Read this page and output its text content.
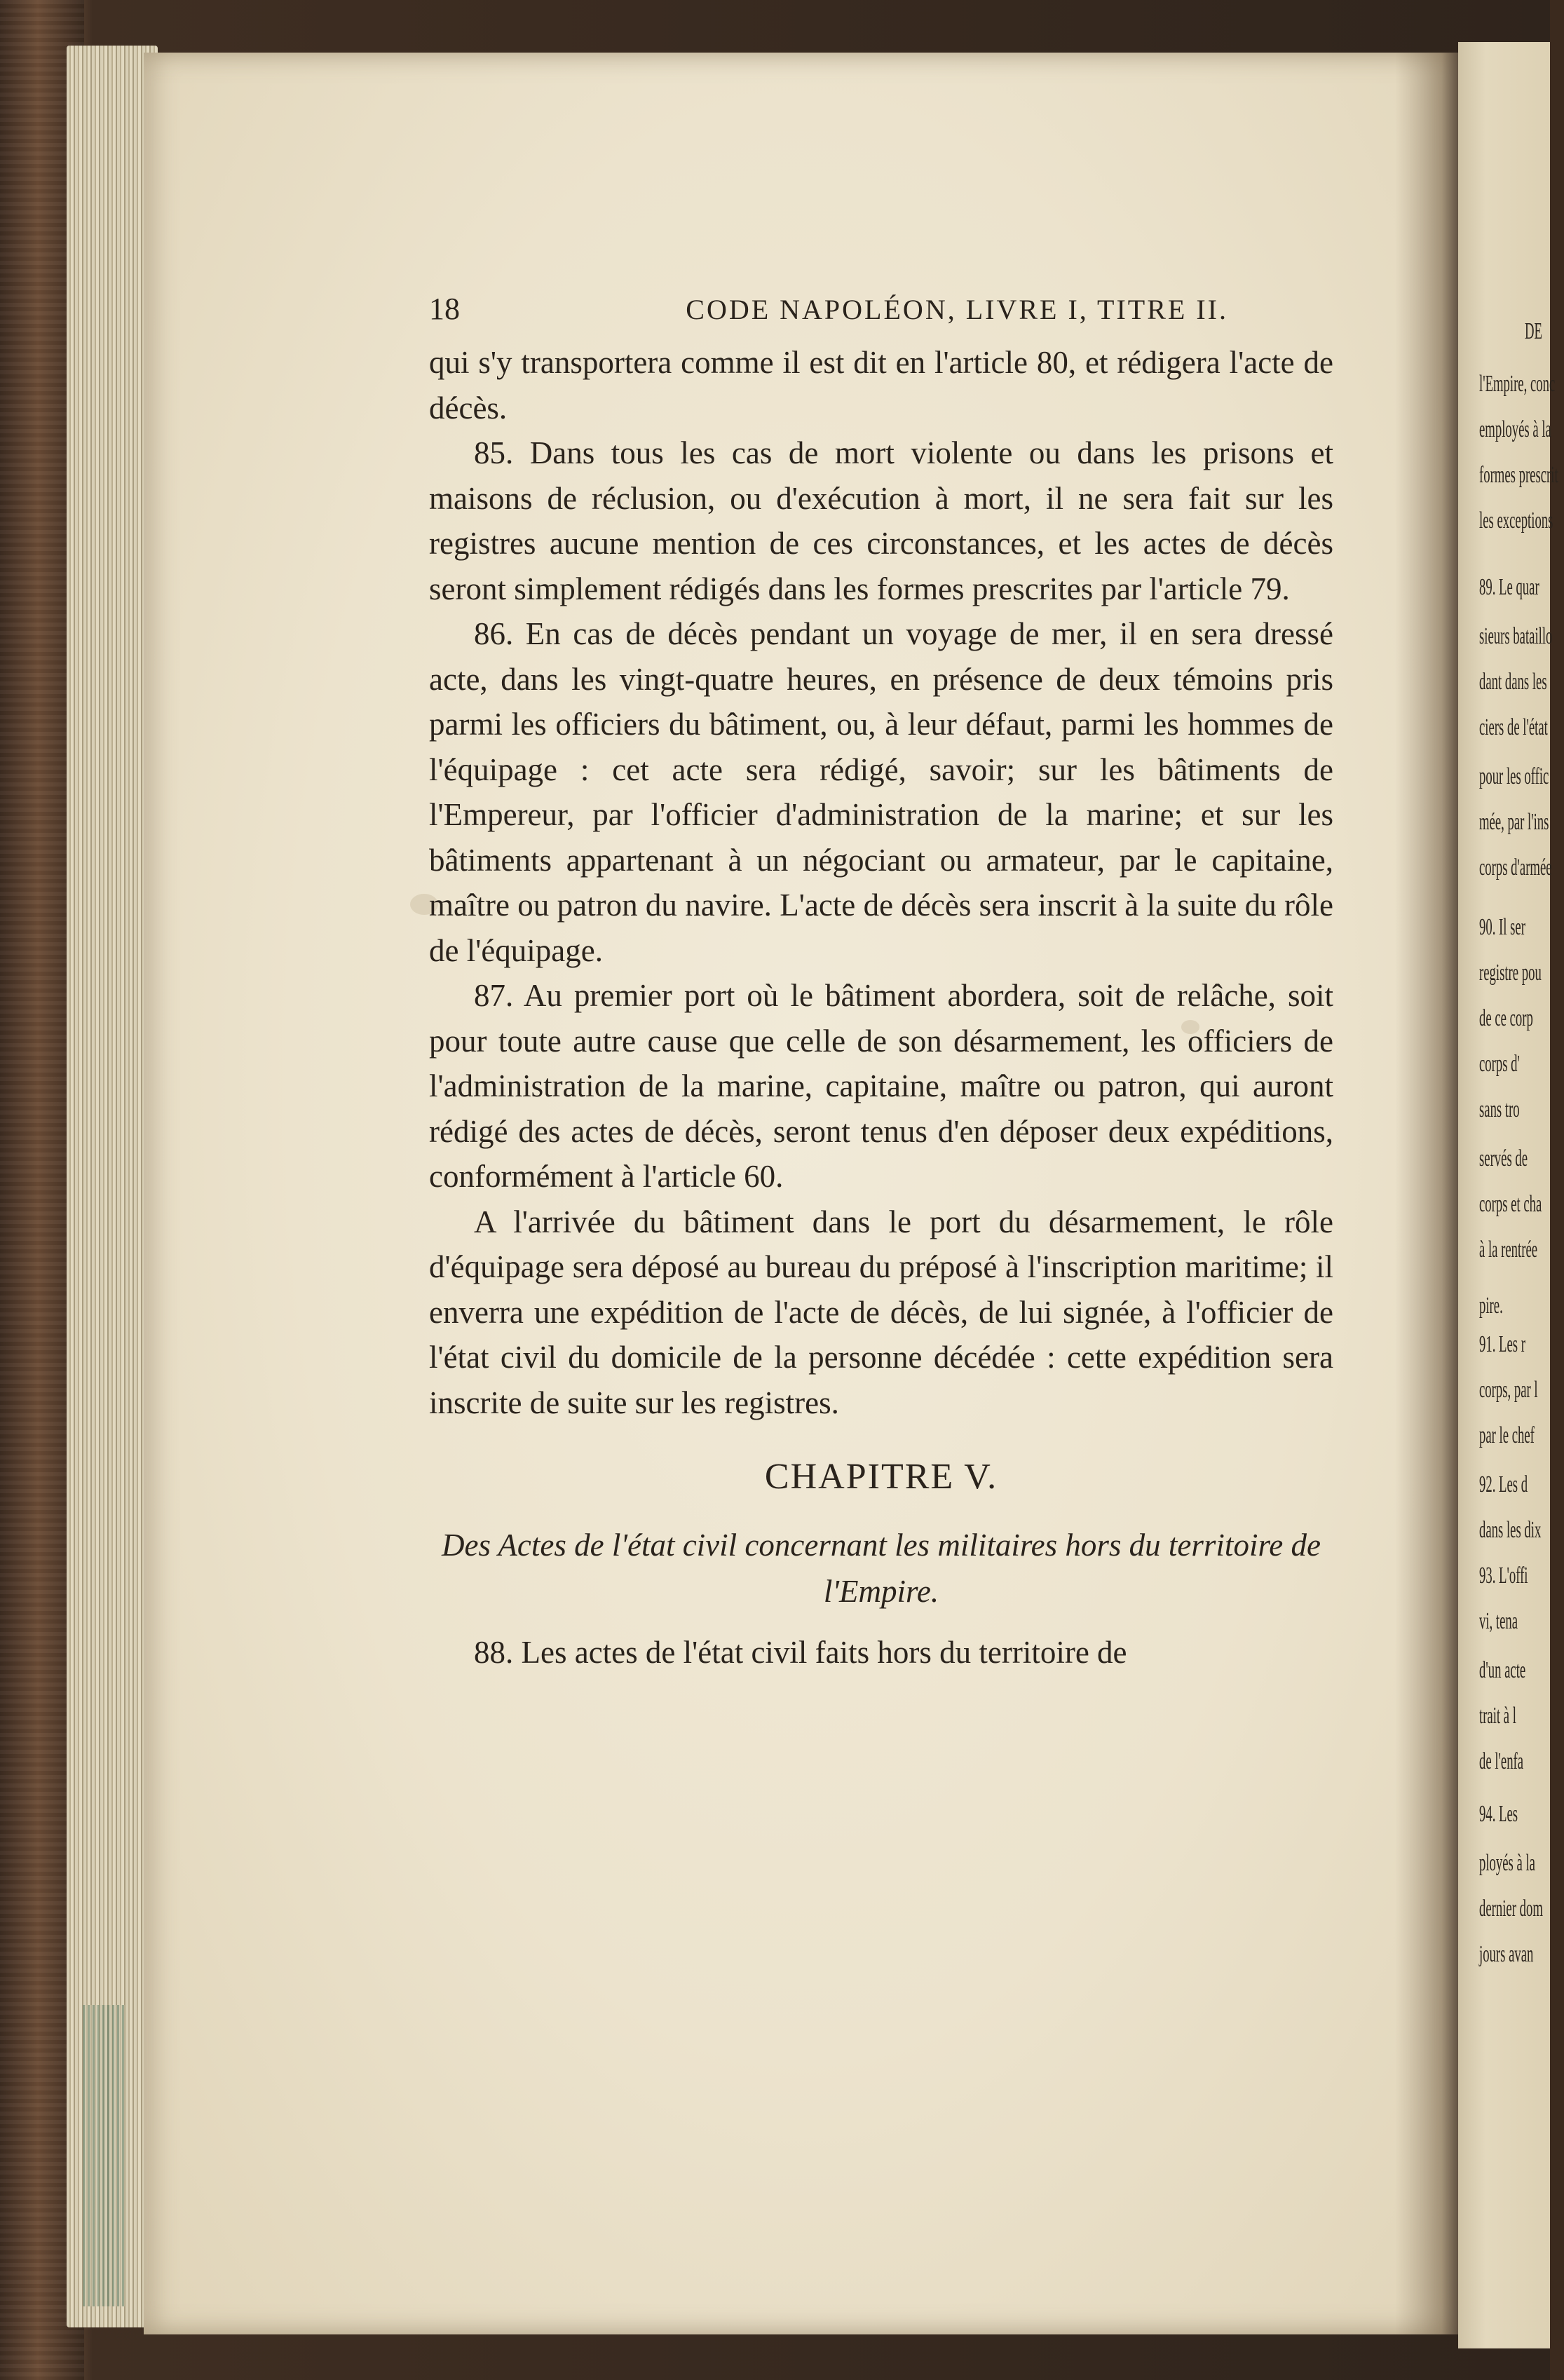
DE
l'Empire, conc
employés à la
formes prescrit
les exceptions
89. Le quar
sieurs bataillo
dant dans les
ciers de l'état
pour les offic
mée, par l'ins
corps d'armée
90. Il ser
registre pou
de ce corp
corps d'
sans tro
servés de
corps et cha
à la rentrée
pire.
91. Les r
corps, par l
par le chef
92. Les d
dans les dix
93. L'offi
vi, tena
d'un acte
trait à l
de l'enfa
94. Les
ployés à la
dernier dom
jours avan
18	CODE NAPOLÉON, LIVRE I, TITRE II.

qui s'y transportera comme il est dit en l'article 80, et rédigera l'acte de décès.

85. Dans tous les cas de mort violente ou dans les prisons et maisons de réclusion, ou d'exécution à mort, il ne sera fait sur les registres aucune mention de ces circonstances, et les actes de décès seront simplement rédigés dans les formes prescrites par l'article 79.

86. En cas de décès pendant un voyage de mer, il en sera dressé acte, dans les vingt-quatre heures, en présence de deux témoins pris parmi les officiers du bâtiment, ou, à leur défaut, parmi les hommes de l'équipage : cet acte sera rédigé, savoir; sur les bâtiments de l'Empereur, par l'officier d'administration de la marine; et sur les bâtiments appartenant à un négociant ou armateur, par le capitaine, maître ou patron du navire. L'acte de décès sera inscrit à la suite du rôle de l'équipage.

87. Au premier port où le bâtiment abordera, soit de relâche, soit pour toute autre cause que celle de son désarmement, les officiers de l'administration de la marine, capitaine, maître ou patron, qui auront rédigé des actes de décès, seront tenus d'en déposer deux expéditions, conformément à l'article 60.

A l'arrivée du bâtiment dans le port du désarmement, le rôle d'équipage sera déposé au bureau du préposé à l'inscription maritime; il enverra une expédition de l'acte de décès, de lui signée, à l'officier de l'état civil du domicile de la personne décédée : cette expédition sera inscrite de suite sur les registres.

CHAPITRE V.
Des Actes de l'état civil concernant les militaires hors du territoire de l'Empire.

88. Les actes de l'état civil faits hors du territoire de
